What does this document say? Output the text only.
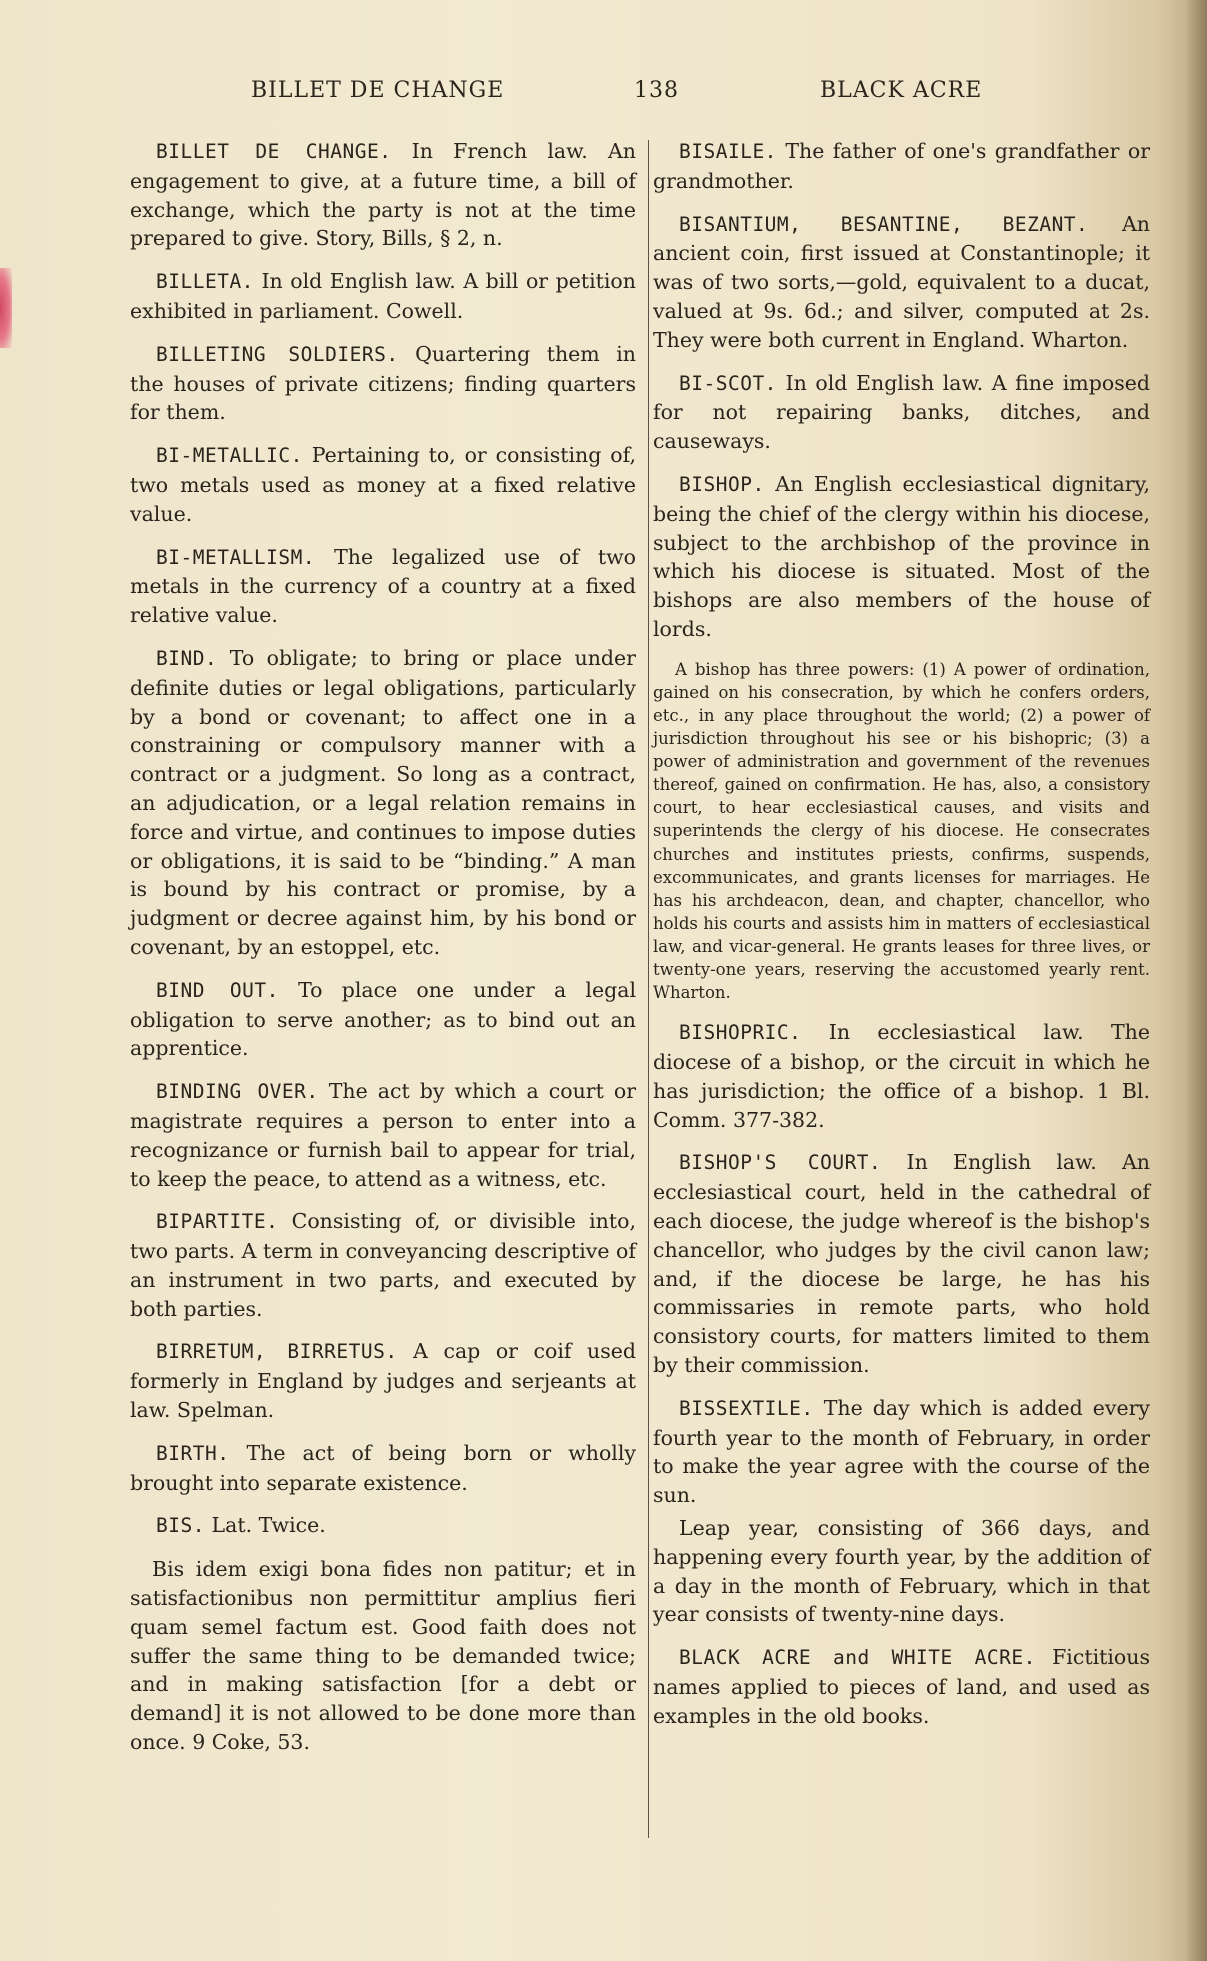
BILLET DE CHANGE	138	BLACK ACRE

BILLET DE CHANGE. In French law. An engagement to give, at a future time, a bill of exchange, which the party is not at the time prepared to give. Story, Bills, § 2, n.

BILLETA. In old English law. A bill or petition exhibited in parliament. Cowell.

BILLETING SOLDIERS. Quartering them in the houses of private citizens; finding quarters for them.

BI-METALLIC. Pertaining to, or consisting of, two metals used as money at a fixed relative value.

BI-METALLISM. The legalized use of two metals in the currency of a country at a fixed relative value.

BIND. To obligate; to bring or place under definite duties or legal obligations, particularly by a bond or covenant; to affect one in a constraining or compulsory manner with a contract or a judgment. So long as a contract, an adjudication, or a legal relation remains in force and virtue, and continues to impose duties or obligations, it is said to be “binding.” A man is bound by his contract or promise, by a judgment or decree against him, by his bond or covenant, by an estoppel, etc.

BIND OUT. To place one under a legal obligation to serve another; as to bind out an apprentice.

BINDING OVER. The act by which a court or magistrate requires a person to enter into a recognizance or furnish bail to appear for trial, to keep the peace, to attend as a witness, etc.

BIPARTITE. Consisting of, or divisible into, two parts. A term in conveyancing descriptive of an instrument in two parts, and executed by both parties.

BIRRETUM, BIRRETUS. A cap or coif used formerly in England by judges and serjeants at law. Spelman.

BIRTH. The act of being born or wholly brought into separate existence.

BIS. Lat. Twice.

Bis idem exigi bona fides non patitur; et in satisfactionibus non permittitur amplius fieri quam semel factum est. Good faith does not suffer the same thing to be demanded twice; and in making satisfaction [for a debt or demand] it is not allowed to be done more than once. 9 Coke, 53.

BISAILE. The father of one's grandfather or grandmother.

BISANTIUM, BESANTINE, BEZANT. An ancient coin, first issued at Constantinople; it was of two sorts,—gold, equivalent to a ducat, valued at 9s. 6d.; and silver, computed at 2s. They were both current in England. Wharton.

BI-SCOT. In old English law. A fine imposed for not repairing banks, ditches, and causeways.

BISHOP. An English ecclesiastical dignitary, being the chief of the clergy within his diocese, subject to the archbishop of the province in which his diocese is situated. Most of the bishops are also members of the house of lords.

A bishop has three powers: (1) A power of ordination, gained on his consecration, by which he confers orders, etc., in any place throughout the world; (2) a power of jurisdiction throughout his see or his bishopric; (3) a power of administration and government of the revenues thereof, gained on confirmation. He has, also, a consistory court, to hear ecclesiastical causes, and visits and superintends the clergy of his diocese. He consecrates churches and institutes priests, confirms, suspends, excommunicates, and grants licenses for marriages. He has his archdeacon, dean, and chapter, chancellor, who holds his courts and assists him in matters of ecclesiastical law, and vicar-general. He grants leases for three lives, or twenty-one years, reserving the accustomed yearly rent. Wharton.

BISHOPRIC. In ecclesiastical law. The diocese of a bishop, or the circuit in which he has jurisdiction; the office of a bishop. 1 Bl. Comm. 377-382.

BISHOP'S COURT. In English law. An ecclesiastical court, held in the cathedral of each diocese, the judge whereof is the bishop's chancellor, who judges by the civil canon law; and, if the diocese be large, he has his commissaries in remote parts, who hold consistory courts, for matters limited to them by their commission.

BISSEXTILE. The day which is added every fourth year to the month of February, in order to make the year agree with the course of the sun.

Leap year, consisting of 366 days, and happening every fourth year, by the addition of a day in the month of February, which in that year consists of twenty-nine days.

BLACK ACRE and WHITE ACRE. Fictitious names applied to pieces of land, and used as examples in the old books.
